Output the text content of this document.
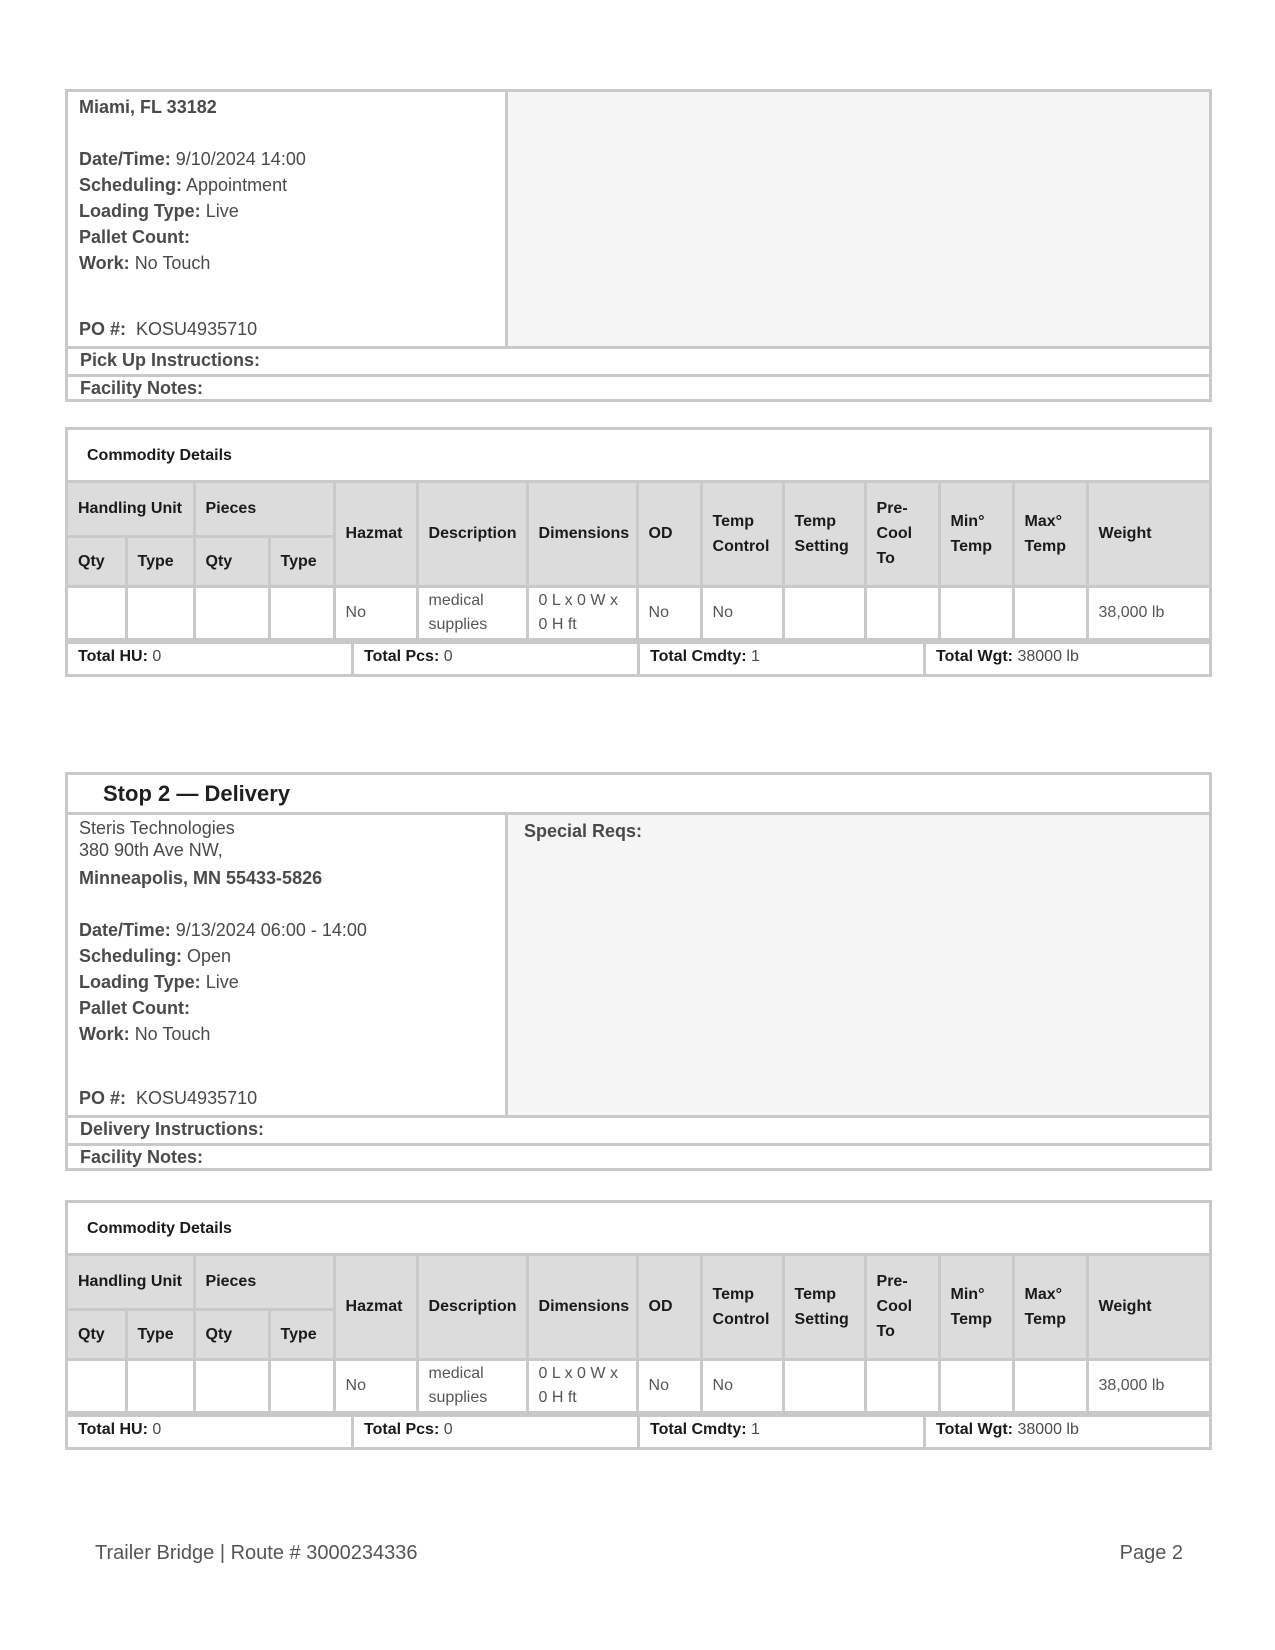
Miami, FL 33182
Date/Time: 9/10/2024 14:00
Scheduling: Appointment
Loading Type: Live
Pallet Count:
Work: No Touch
PO #: KOSU4935710
Pick Up Instructions:
Facility Notes:
Commodity Details
Handling Unit		Pieces		Hazmat	Description	Dimensions	OD	Temp Control	Temp Setting	Pre-Cool To	Min° Temp	Max° Temp	Weight
Qty	Type	Qty	Type										
				No	medical supplies	0 L x 0 W x 0 H ft	No	No					38,000 lb
Total HU: 0	Total Pcs: 0	Total Cmdty: 1	Total Wgt: 38000 lb
Stop 2 — Delivery
Steris Technologies
380 90th Ave NW,
Minneapolis, MN 55433-5826
Date/Time: 9/13/2024 06:00 - 14:00
Scheduling: Open
Loading Type: Live
Pallet Count:
Work: No Touch
PO #: KOSU4935710
Special Reqs:
Delivery Instructions:
Facility Notes:
Commodity Details
Handling Unit		Pieces		Hazmat	Description	Dimensions	OD	Temp Control	Temp Setting	Pre-Cool To	Min° Temp	Max° Temp	Weight
Qty	Type	Qty	Type										
				No	medical supplies	0 L x 0 W x 0 H ft	No	No					38,000 lb
Total HU: 0	Total Pcs: 0	Total Cmdty: 1	Total Wgt: 38000 lb
Trailer Bridge | Route # 3000234336	Page 2
